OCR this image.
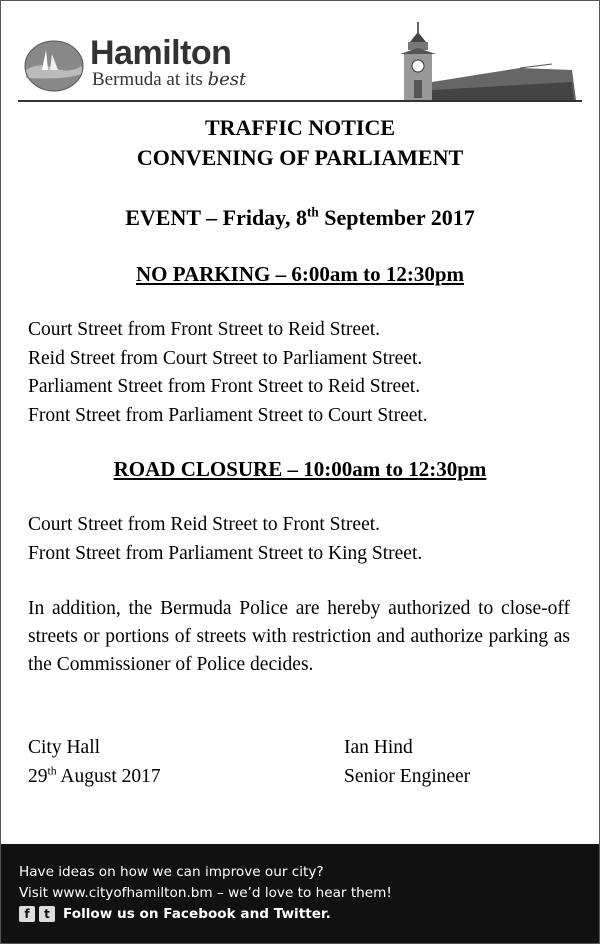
Hamilton
Bermuda at its best
TRAFFIC NOTICE
CONVENING OF PARLIAMENT
EVENT – Friday, 8th September 2017
NO PARKING – 6:00am to 12:30pm
Court Street from Front Street to Reid Street.
Reid Street from Court Street to Parliament Street.
Parliament Street from Front Street to Reid Street.
Front Street from Parliament Street to Court Street.
ROAD CLOSURE – 10:00am to 12:30pm
Court Street from Reid Street to Front Street.
Front Street from Parliament Street to King Street.
In addition, the Bermuda Police are hereby authorized to close-off streets or portions of streets with restriction and authorize parking as the Commissioner of Police decides.
City Hall
29th August 2017
Ian Hind
Senior Engineer
Have ideas on how we can improve our city?
Visit www.cityofhamilton.bm – we’d love to hear them!
f	t Follow us on Facebook and Twitter.
